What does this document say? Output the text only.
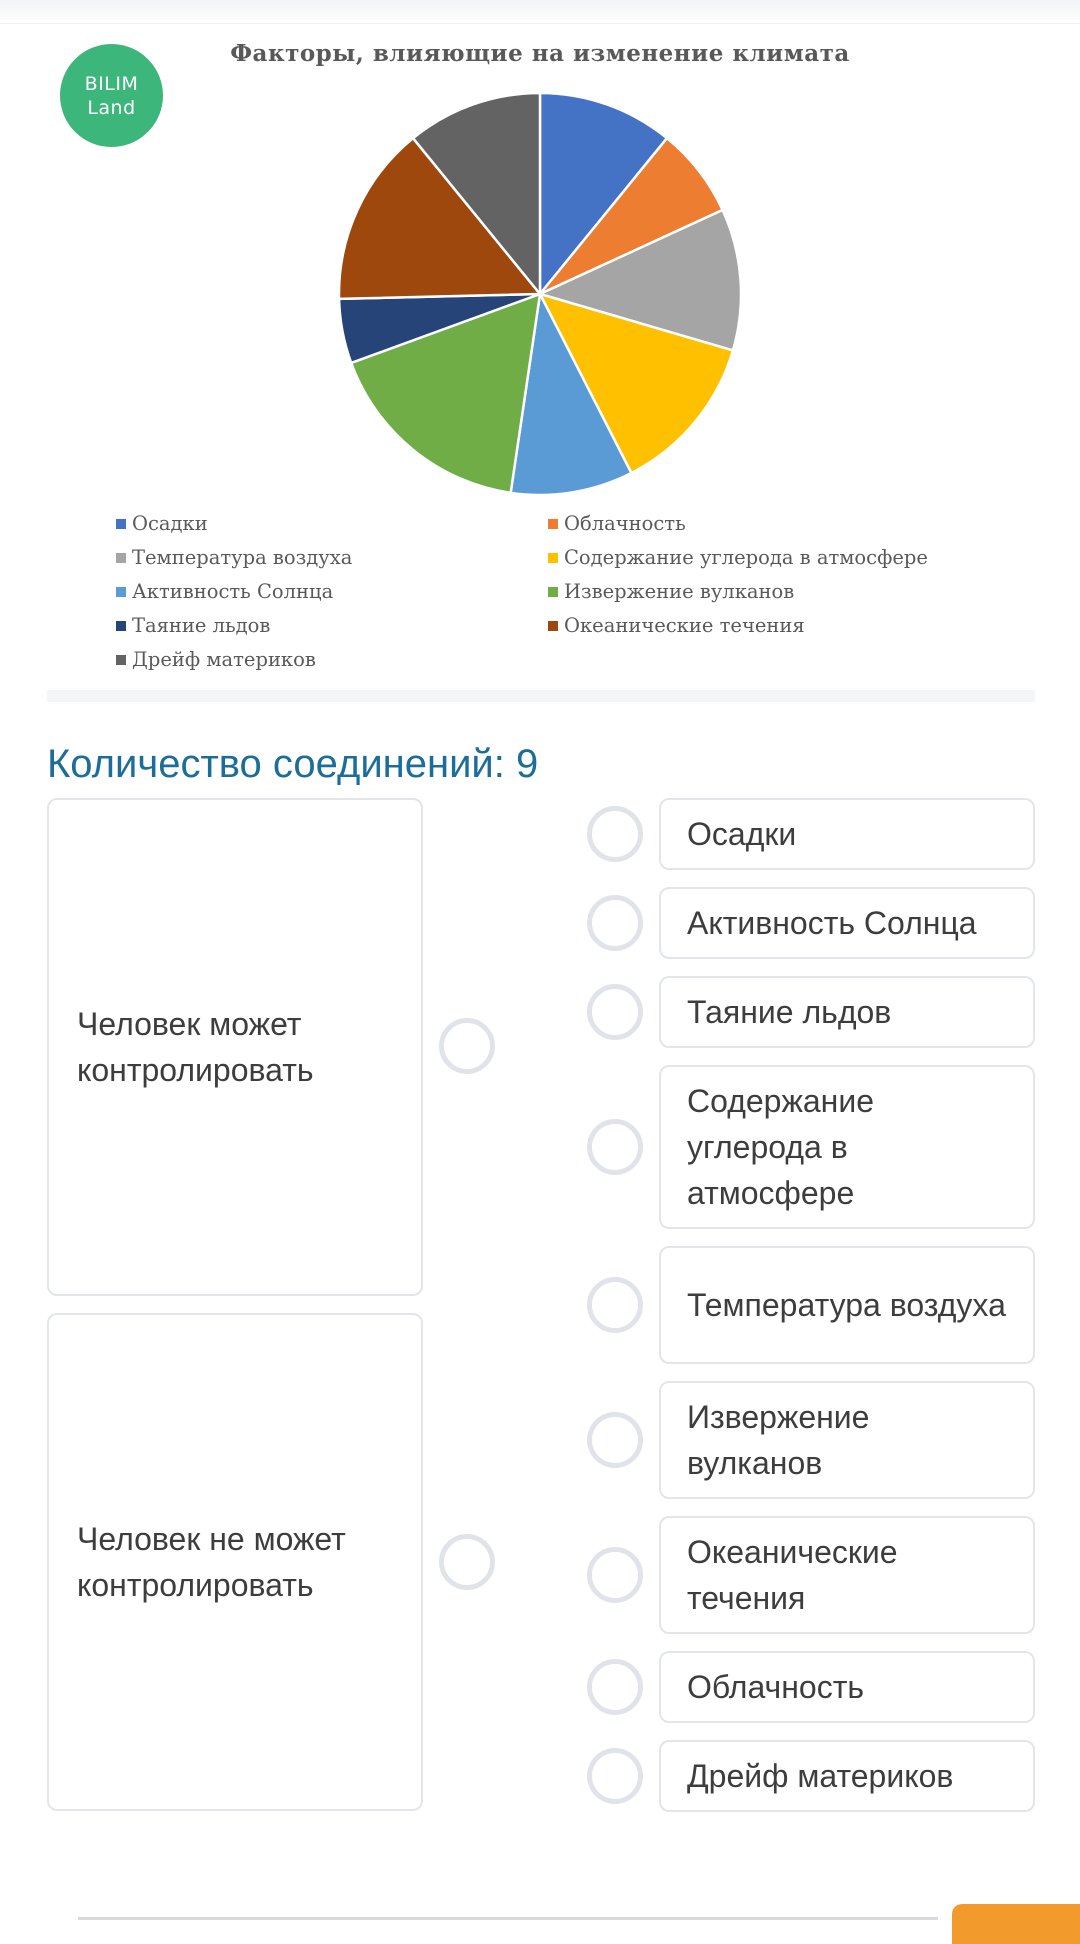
BILIM
Land
Факторы, влияющие на изменение климата
Осадки	Облачность
Температура воздуха	Содержание углерода в атмосфере
Активность Солнца	Извержение вулканов
Таяние льдов	Океанические течения
Дрейф материков
Количество соединений: 9
Человек может контролировать
Человек не может контролировать
Осадки
Активность Солнца
Таяние льдов
Содержание углерода в атмосфере
Температура воздуха
Извержение вулканов
Океанические течения
Облачность
Дрейф материков
